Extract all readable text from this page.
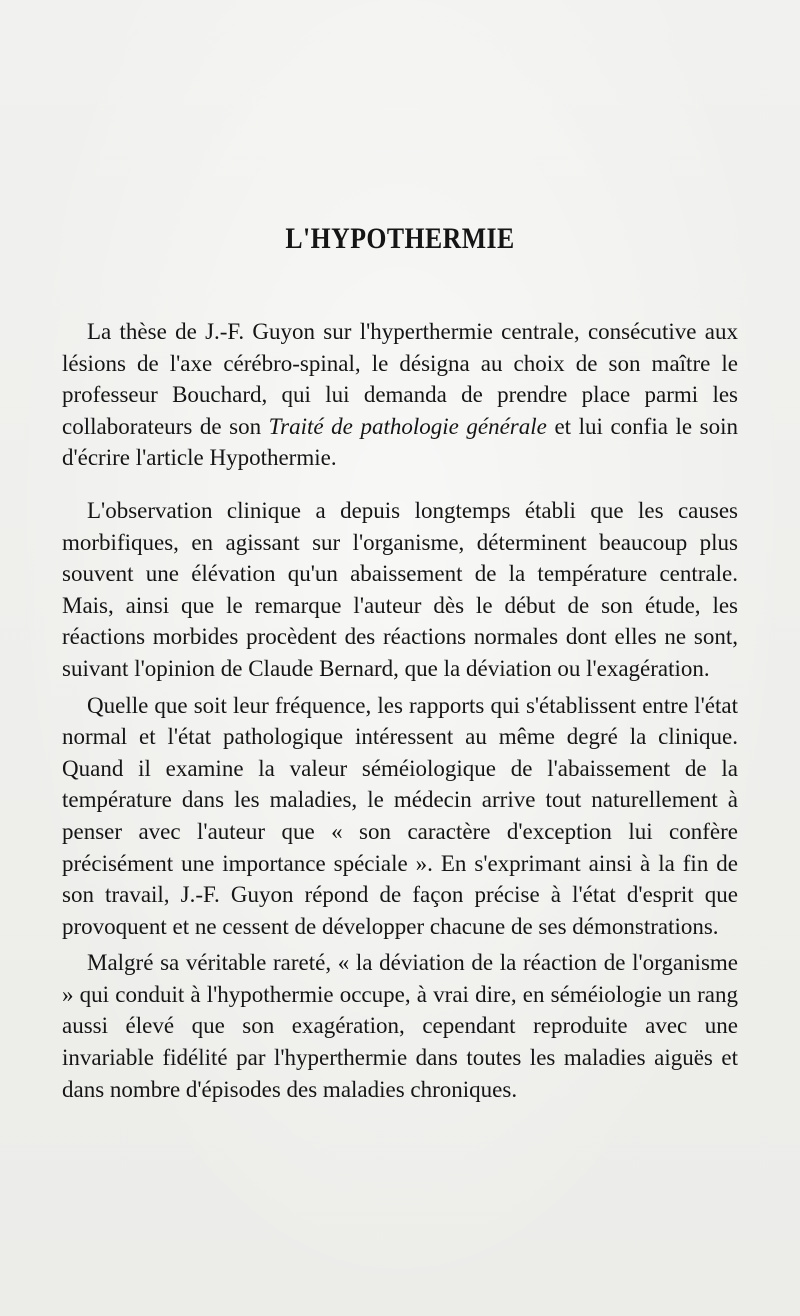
L'HYPOTHERMIE

La thèse de J.-F. Guyon sur l'hyperthermie centrale, consécutive aux lésions de l'axe cérébro-spinal, le désigna au choix de son maître le professeur Bouchard, qui lui demanda de prendre place parmi les collaborateurs de son Traité de pathologie générale et lui confia le soin d'écrire l'article Hypothermie.

L'observation clinique a depuis longtemps établi que les causes morbifiques, en agissant sur l'organisme, déterminent beaucoup plus souvent une élévation qu'un abaissement de la température centrale. Mais, ainsi que le remarque l'auteur dès le début de son étude, les réactions morbides procèdent des réactions normales dont elles ne sont, suivant l'opinion de Claude Bernard, que la déviation ou l'exagération.

Quelle que soit leur fréquence, les rapports qui s'établissent entre l'état normal et l'état pathologique intéressent au même degré la clinique. Quand il examine la valeur séméiologique de l'abaissement de la température dans les maladies, le médecin arrive tout naturellement à penser avec l'auteur que « son caractère d'exception lui confère précisément une importance spéciale ». En s'exprimant ainsi à la fin de son travail, J.-F. Guyon répond de façon précise à l'état d'esprit que provoquent et ne cessent de développer chacune de ses démonstrations.

Malgré sa véritable rareté, « la déviation de la réaction de l'organisme » qui conduit à l'hypothermie occupe, à vrai dire, en séméiologie un rang aussi élevé que son exagération, cependant reproduite avec une invariable fidélité par l'hyperthermie dans toutes les maladies aiguës et dans nombre d'épisodes des maladies chroniques.
